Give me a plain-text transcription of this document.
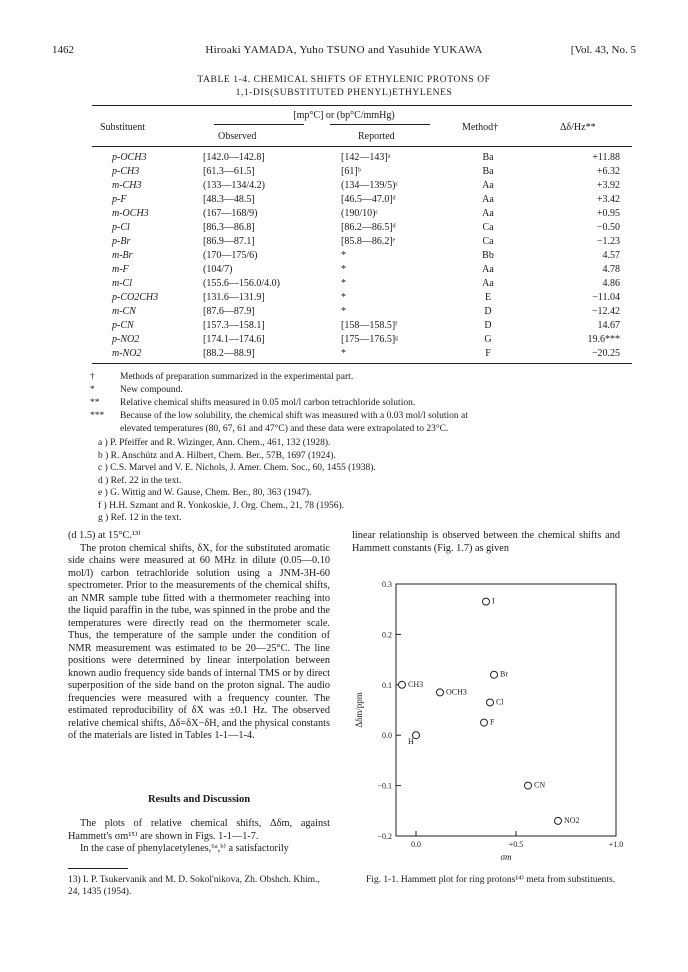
1462	Hiroaki YAMADA, Yuho TSUNO and Yasuhide YUKAWA	[Vol. 43, No. 5
TABLE 1-4. CHEMICAL SHIFTS OF ETHYLENIC PROTONS OF
1,1-DIS(SUBSTITUTED PHENYL)ETHYLENES
Substituent
[mp°C] or (bp°C/mmHg)
Observed	Reported
Method†	Δδ/Hz**
p-OCH3	[142.0—142.8]	[142—143]ᵃ	Ba	+11.88
p-CH3	[61.3—61.5]	[61]ᵇ	Ba	+6.32
m-CH3	(133—134/4.2)	(134—139/5)ᶜ	Aa	+3.92
p-F	[48.3—48.5]	[46.5—47.0]ᵈ	Aa	+3.42
m-OCH3	(167—168/9)	(190/10)ᶜ	Aa	+0.95
p-Cl	[86.3—86.8]	[86.2—86.5]ᵈ	Ca	−0.50
p-Br	[86.9—87.1]	[85.8—86.2]ᵉ	Ca	−1.23
m-Br	(170—175/6)	*	Bb	4.57
m-F	(104/7)	*	Aa	4.78
m-Cl	(155.6—156.0/4.0)	*	Aa	4.86
p-CO2CH3	[131.6—131.9]	*	E	−11.04
m-CN	[87.6—87.9]	*	D	−12.42
p-CN	[157.3—158.1]	[158—158.5]ᶠ	D	14.67
p-NO2	[174.1—174.6]	[175—176.5]ᵍ	G	19.6***
m-NO2	[88.2—88.9]	*	F	−20.25
†	Methods of preparation summarized in the experimental part.
*	New compound.
**	Relative chemical shifts measured in 0.05 mol/l carbon tetrachloride solution.
***	Because of the low solubility, the chemical shift was measured with a 0.03 mol/l solution at
elevated temperatures (80, 67, 61 and 47°C) and these data were extrapolated to 23°C.
a ) P. Pfeiffer and R. Wizinger, Ann. Chem., 461, 132 (1928).
b ) R. Anschütz and A. Hilbert, Chem. Ber., 57B, 1697 (1924).
c ) C.S. Marvel and V. E. Nichols, J. Amer. Chem. Soc., 60, 1455 (1938).
d ) Ref. 22 in the text.
e ) G. Wittig and W. Gause, Chem. Ber., 80, 363 (1947).
f ) H.H. Szmant and R. Yonkoskie, J. Org. Chem., 21, 78 (1956).
g ) Ref. 12 in the text.

(d 1.5) at 15°C.¹³⁾

The proton chemical shifts, δX, for the substituted aromatic side chains were measured at 60 MHz in dilute (0.05—0.10 mol/l) carbon tetrachloride solution using a JNM-3H-60 spectrometer. Prior to the measurements of the chemical shifts, an NMR sample tube fitted with a thermometer reaching into the liquid paraffin in the tube, was spinned in the probe and the temperatures were directly read on the thermometer scale. Thus, the temperature of the sample under the condition of NMR measurement was estimated to be 20—25°C. The line positions were determined by linear interpolation between known audio frequency side bands of internal TMS or by direct superposition of the side band on the proton signal. The audio frequencies were measured with a frequency counter. The estimated reproducibility of δX was ±0.1 Hz. The observed relative chemical shifts, Δδ=δX−δH, and the physical constants of the materials are listed in Tables 1-1—1-4.

Results and Discussion

The plots of relative chemical shifts, Δδm, against Hammett's σm¹⁵⁾ are shown in Figs. 1-1—1-7.

In the case of phenylacetylenes,⁶ᵃ,ᵇ⁾ a satisfactorily

13) I. P. Tsukervanik and M. D. Sokol'nikova, Zh. Obshch. Khim., 24, 1435 (1954).

linear relationship is observed between the chemical shifts and Hammett constants (Fig. 1.7) as given

0.3
0.2
0.1
0.0
−0.1
−0.2
0.0	+0.5	+1.0
Δδm/ppm
σm
I
Br
CH3
OCH3
Cl
F
H
CN
NO2
Fig. 1-1. Hammett plot for ring protons¹⁴⁾ meta from substituents.
